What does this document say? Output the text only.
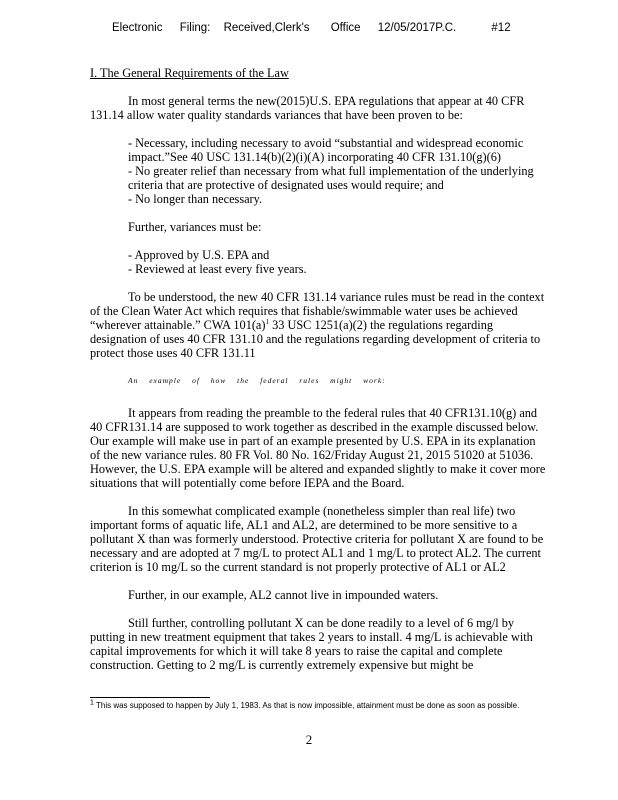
Electronic Filing: Received,Clerk's Office 12/05/2017P.C.	#12

I. The General Requirements of the Law

In most general terms the new(2015)U.S. EPA regulations that appear at 40 CFR 131.14 allow water quality standards variances that have been proven to be:

- Necessary, including necessary to avoid “substantial and widespread economic impact.”See 40 USC 131.14(b)(2)(i)(A) incorporating 40 CFR 131.10(g)(6)

- No greater relief than necessary from what full implementation of the underlying criteria that are protective of designated uses would require; and

- No longer than necessary.

Further, variances must be:

- Approved by U.S. EPA and

- Reviewed at least every five years.

To be understood, the new 40 CFR 131.14 variance rules must be read in the context of the Clean Water Act which requires that fishable/swimmable water uses be achieved “wherever attainable.” CWA $101(a)^1$ 33 USC 1251(a)(2) the regulations regarding designation of uses 40 CFR 131.10 and the regulations regarding development of criteria to protect those uses 40 CFR 131.11

An example of how the federal rules might work:

It appears from reading the preamble to the federal rules that 40 CFR131.10(g) and 40 CFR131.14 are supposed to work together as described in the example discussed below. Our example will make use in part of an example presented by U.S. EPA in its explanation of the new variance rules. 80 FR Vol. 80 No. 162/Friday August 21, 2015 51020 at 51036. However, the U.S. EPA example will be altered and expanded slightly to make it cover more situations that will potentially come before IEPA and the Board.

In this somewhat complicated example (nonetheless simpler than real life) two important forms of aquatic life, AL1 and AL2, are determined to be more sensitive to a pollutant X than was formerly understood. Protective criteria for pollutant X are found to be necessary and are adopted at 7 mg/L to protect AL1 and 1 mg/L to protect AL2. The current criterion is 10 mg/L so the current standard is not properly protective of AL1 or AL2

Further, in our example, AL2 cannot live in impounded waters.

Still further, controlling pollutant X can be done readily to a level of 6 mg/l by putting in new treatment equipment that takes 2 years to install. 4 mg/L is achievable with capital improvements for which it will take 8 years to raise the capital and complete construction. Getting to 2 mg/L is currently extremely expensive but might be

$^1$ This was supposed to happen by July 1, 1983. As that is now impossible, attainment must be done as soon as possible.
2
